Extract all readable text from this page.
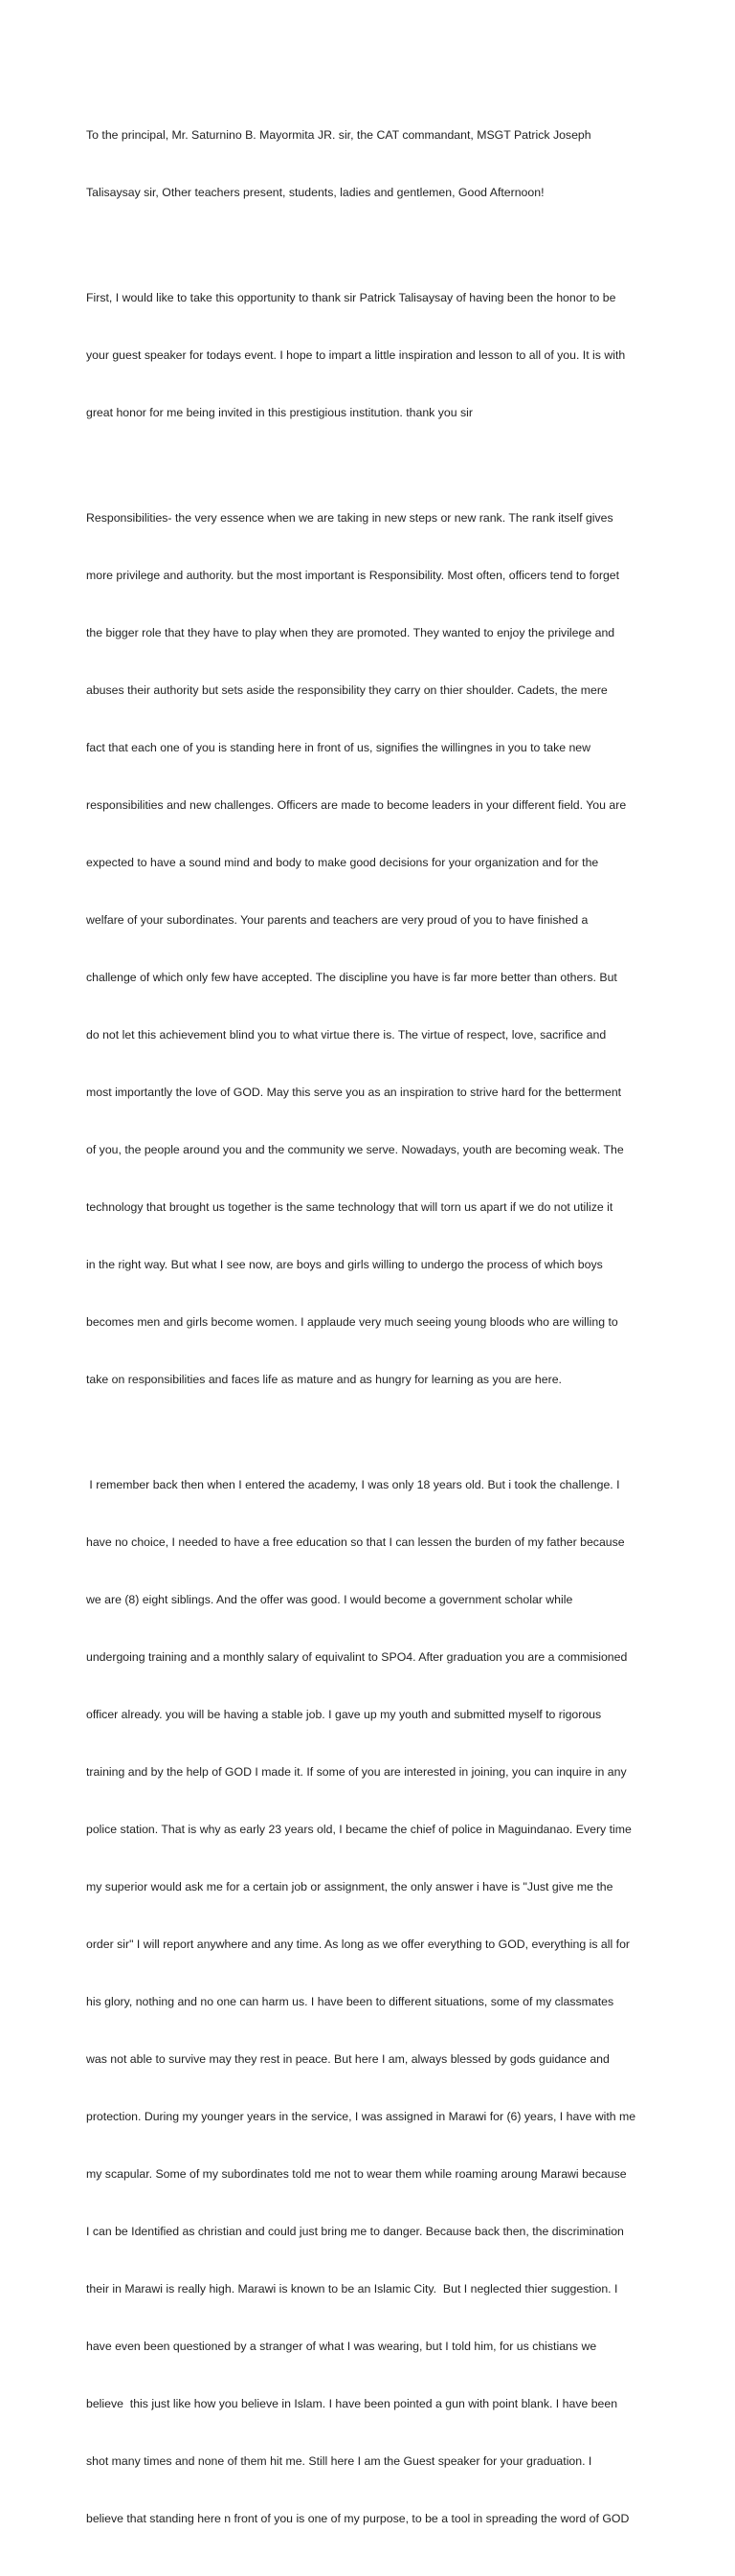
To the principal, Mr. Saturnino B. Mayormita JR. sir, the CAT commandant, MSGT Patrick Joseph

Talisaysay sir, Other teachers present, students, ladies and gentlemen, Good Afternoon!

First, I would like to take this opportunity to thank sir Patrick Talisaysay of having been the honor to be

your guest speaker for todays event. I hope to impart a little inspiration and lesson to all of you. It is with

great honor for me being invited in this prestigious institution. thank you sir

Responsibilities- the very essence when we are taking in new steps or new rank. The rank itself gives

more privilege and authority. but the most important is Responsibility. Most often, officers tend to forget

the bigger role that they have to play when they are promoted. They wanted to enjoy the privilege and

abuses their authority but sets aside the responsibility they carry on thier shoulder. Cadets, the mere

fact that each one of you is standing here in front of us, signifies the willingnes in you to take new

responsibilities and new challenges. Officers are made to become leaders in your different field. You are

expected to have a sound mind and body to make good decisions for your organization and for the

welfare of your subordinates. Your parents and teachers are very proud of you to have finished a

challenge of which only few have accepted. The discipline you have is far more better than others. But

do not let this achievement blind you to what virtue there is. The virtue of respect, love, sacrifice and

most importantly the love of GOD. May this serve you as an inspiration to strive hard for the betterment

of you, the people around you and the community we serve. Nowadays, youth are becoming weak. The

technology that brought us together is the same technology that will torn us apart if we do not utilize it

in the right way. But what I see now, are boys and girls willing to undergo the process of which boys

becomes men and girls become women. I applaude very much seeing young bloods who are willing to

take on responsibilities and faces life as mature and as hungry for learning as you are here.

I remember back then when I entered the academy, I was only 18 years old. But i took the challenge. I

have no choice, I needed to have a free education so that I can lessen the burden of my father because

we are (8) eight siblings. And the offer was good. I would become a government scholar while

undergoing training and a monthly salary of equivalint to SPO4. After graduation you are a commisioned

officer already. you will be having a stable job. I gave up my youth and submitted myself to rigorous

training and by the help of GOD I made it. If some of you are interested in joining, you can inquire in any

police station. That is why as early 23 years old, I became the chief of police in Maguindanao. Every time

my superior would ask me for a certain job or assignment, the only answer i have is "Just give me the

order sir" I will report anywhere and any time. As long as we offer everything to GOD, everything is all for

his glory, nothing and no one can harm us. I have been to different situations, some of my classmates

was not able to survive may they rest in peace. But here I am, always blessed by gods guidance and

protection. During my younger years in the service, I was assigned in Marawi for (6) years, I have with me

my scapular. Some of my subordinates told me not to wear them while roaming aroung Marawi because

I can be Identified as christian and could just bring me to danger. Because back then, the discrimination

their in Marawi is really high. Marawi is known to be an Islamic City.  But I neglected thier suggestion. I

have even been questioned by a stranger of what I was wearing, but I told him, for us chistians we

believe  this just like how you believe in Islam. I have been pointed a gun with point blank. I have been

shot many times and none of them hit me. Still here I am the Guest speaker for your graduation. I

believe that standing here n front of you is one of my purpose, to be a tool in spreading the word of GOD
